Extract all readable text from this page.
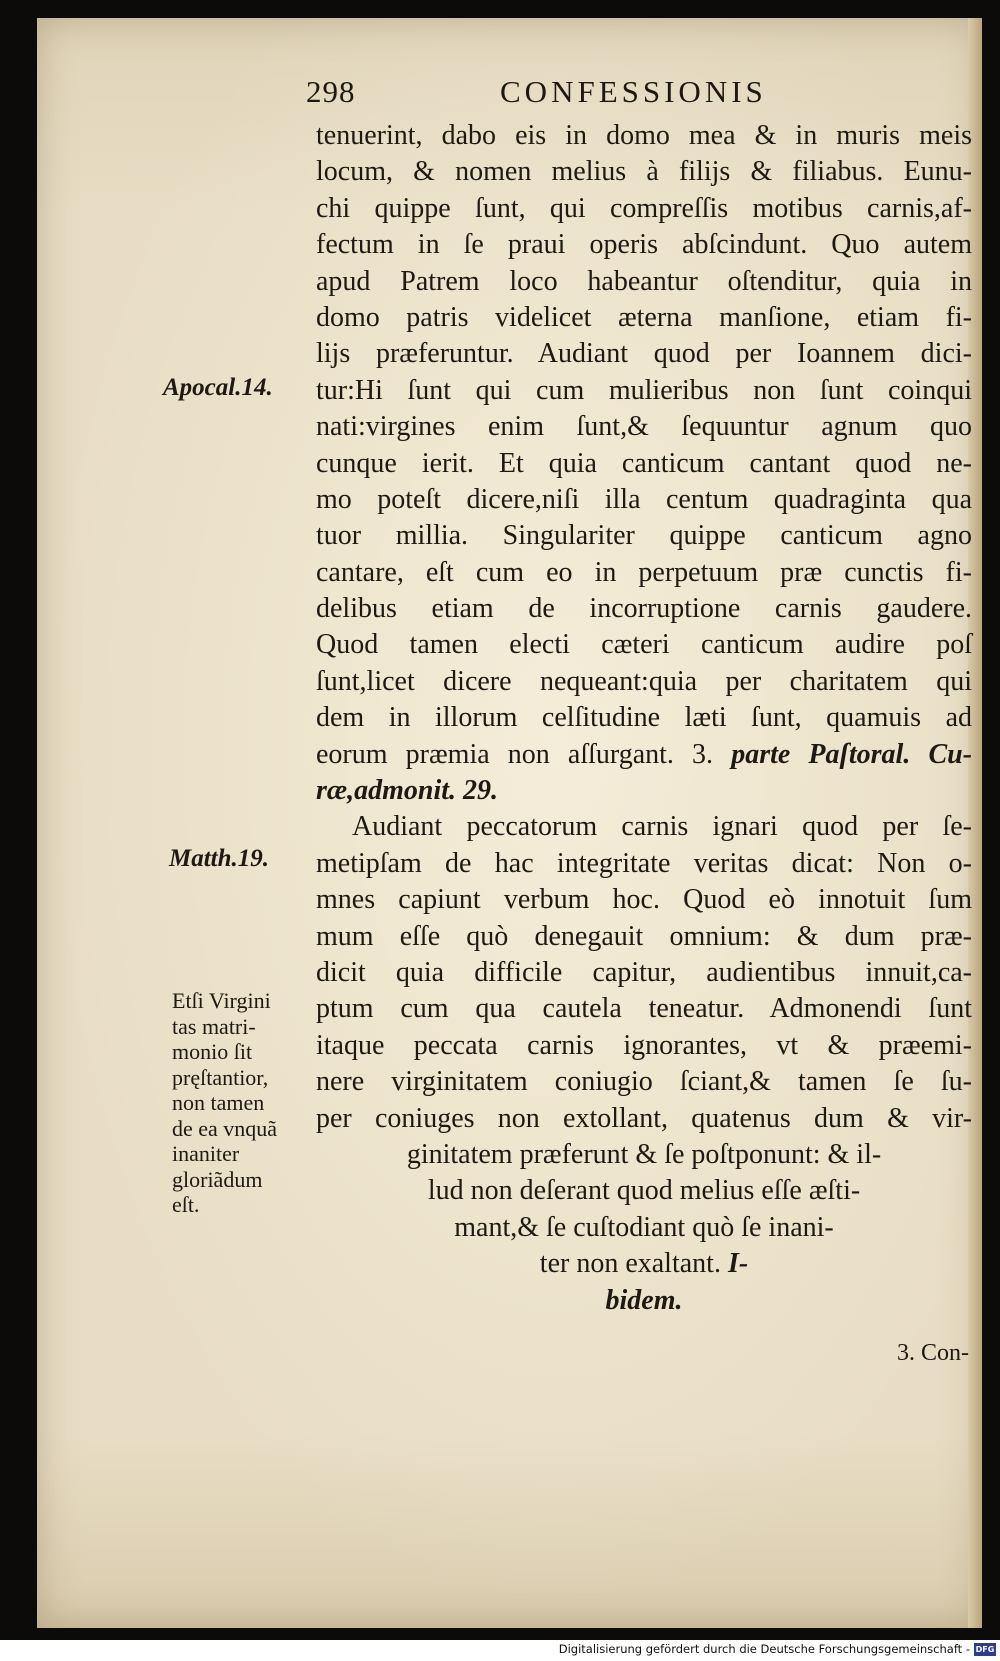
298	CONFESSIONIS
tenuerint, dabo eis in domo mea & in muris meis
locum, & nomen melius à filijs & filiabus. Eunu-
chi quippe ſunt, qui compreſſis motibus carnis,af-
fectum in ſe praui operis abſcindunt. Quo autem
apud Patrem loco habeantur oſtenditur, quia in
domo patris videlicet æterna manſione, etiam fi-
lijs præferuntur. Audiant quod per Ioannem dici-
tur:Hi ſunt qui cum mulieribus non ſunt coinqui
nati:virgines enim ſunt,& ſequuntur agnum quo
cunque ierit. Et quia canticum cantant quod ne-
mo poteſt dicere,niſi illa centum quadraginta qua
tuor millia. Singulariter quippe canticum agno
cantare, eſt cum eo in perpetuum præ cunctis fi-
delibus etiam de incorruptione carnis gaudere.
Quod tamen electi cæteri canticum audire poſ
ſunt,licet dicere nequeant:quia per charitatem qui
dem in illorum celſitudine læti ſunt, quamuis ad
eorum præmia non aſſurgant. 3. parte Paſtoral. Cu-
ræ,admonit. 29.
Audiant peccatorum carnis ignari quod per ſe-
metipſam de hac integritate veritas dicat: Non o-
mnes capiunt verbum hoc. Quod eò innotuit ſum
mum eſſe quò denegauit omnium: & dum præ-
dicit quia difficile capitur, audientibus innuit,ca-
ptum cum qua cautela teneatur. Admonendi ſunt
itaque peccata carnis ignorantes, vt & præemi-
nere virginitatem coniugio ſciant,& tamen ſe ſu-
per coniuges non extollant, quatenus dum & vir-
ginitatem præferunt & ſe poſtponunt: & il-
lud non deſerant quod melius eſſe æſti-
mant,& ſe cuſtodiant quò ſe inani-
ter non exaltant. I-
bidem.
Apocal.14.
Matth.19.
Etſi Virgini
tas matri-
monio ſit
pręſtantior,
non tamen
de ea vnquã
inaniter
gloriãdum
eſt.
3. Con-
Digitalisierung gefördert durch die Deutsche Forschungsgemeinschaft - DFG
